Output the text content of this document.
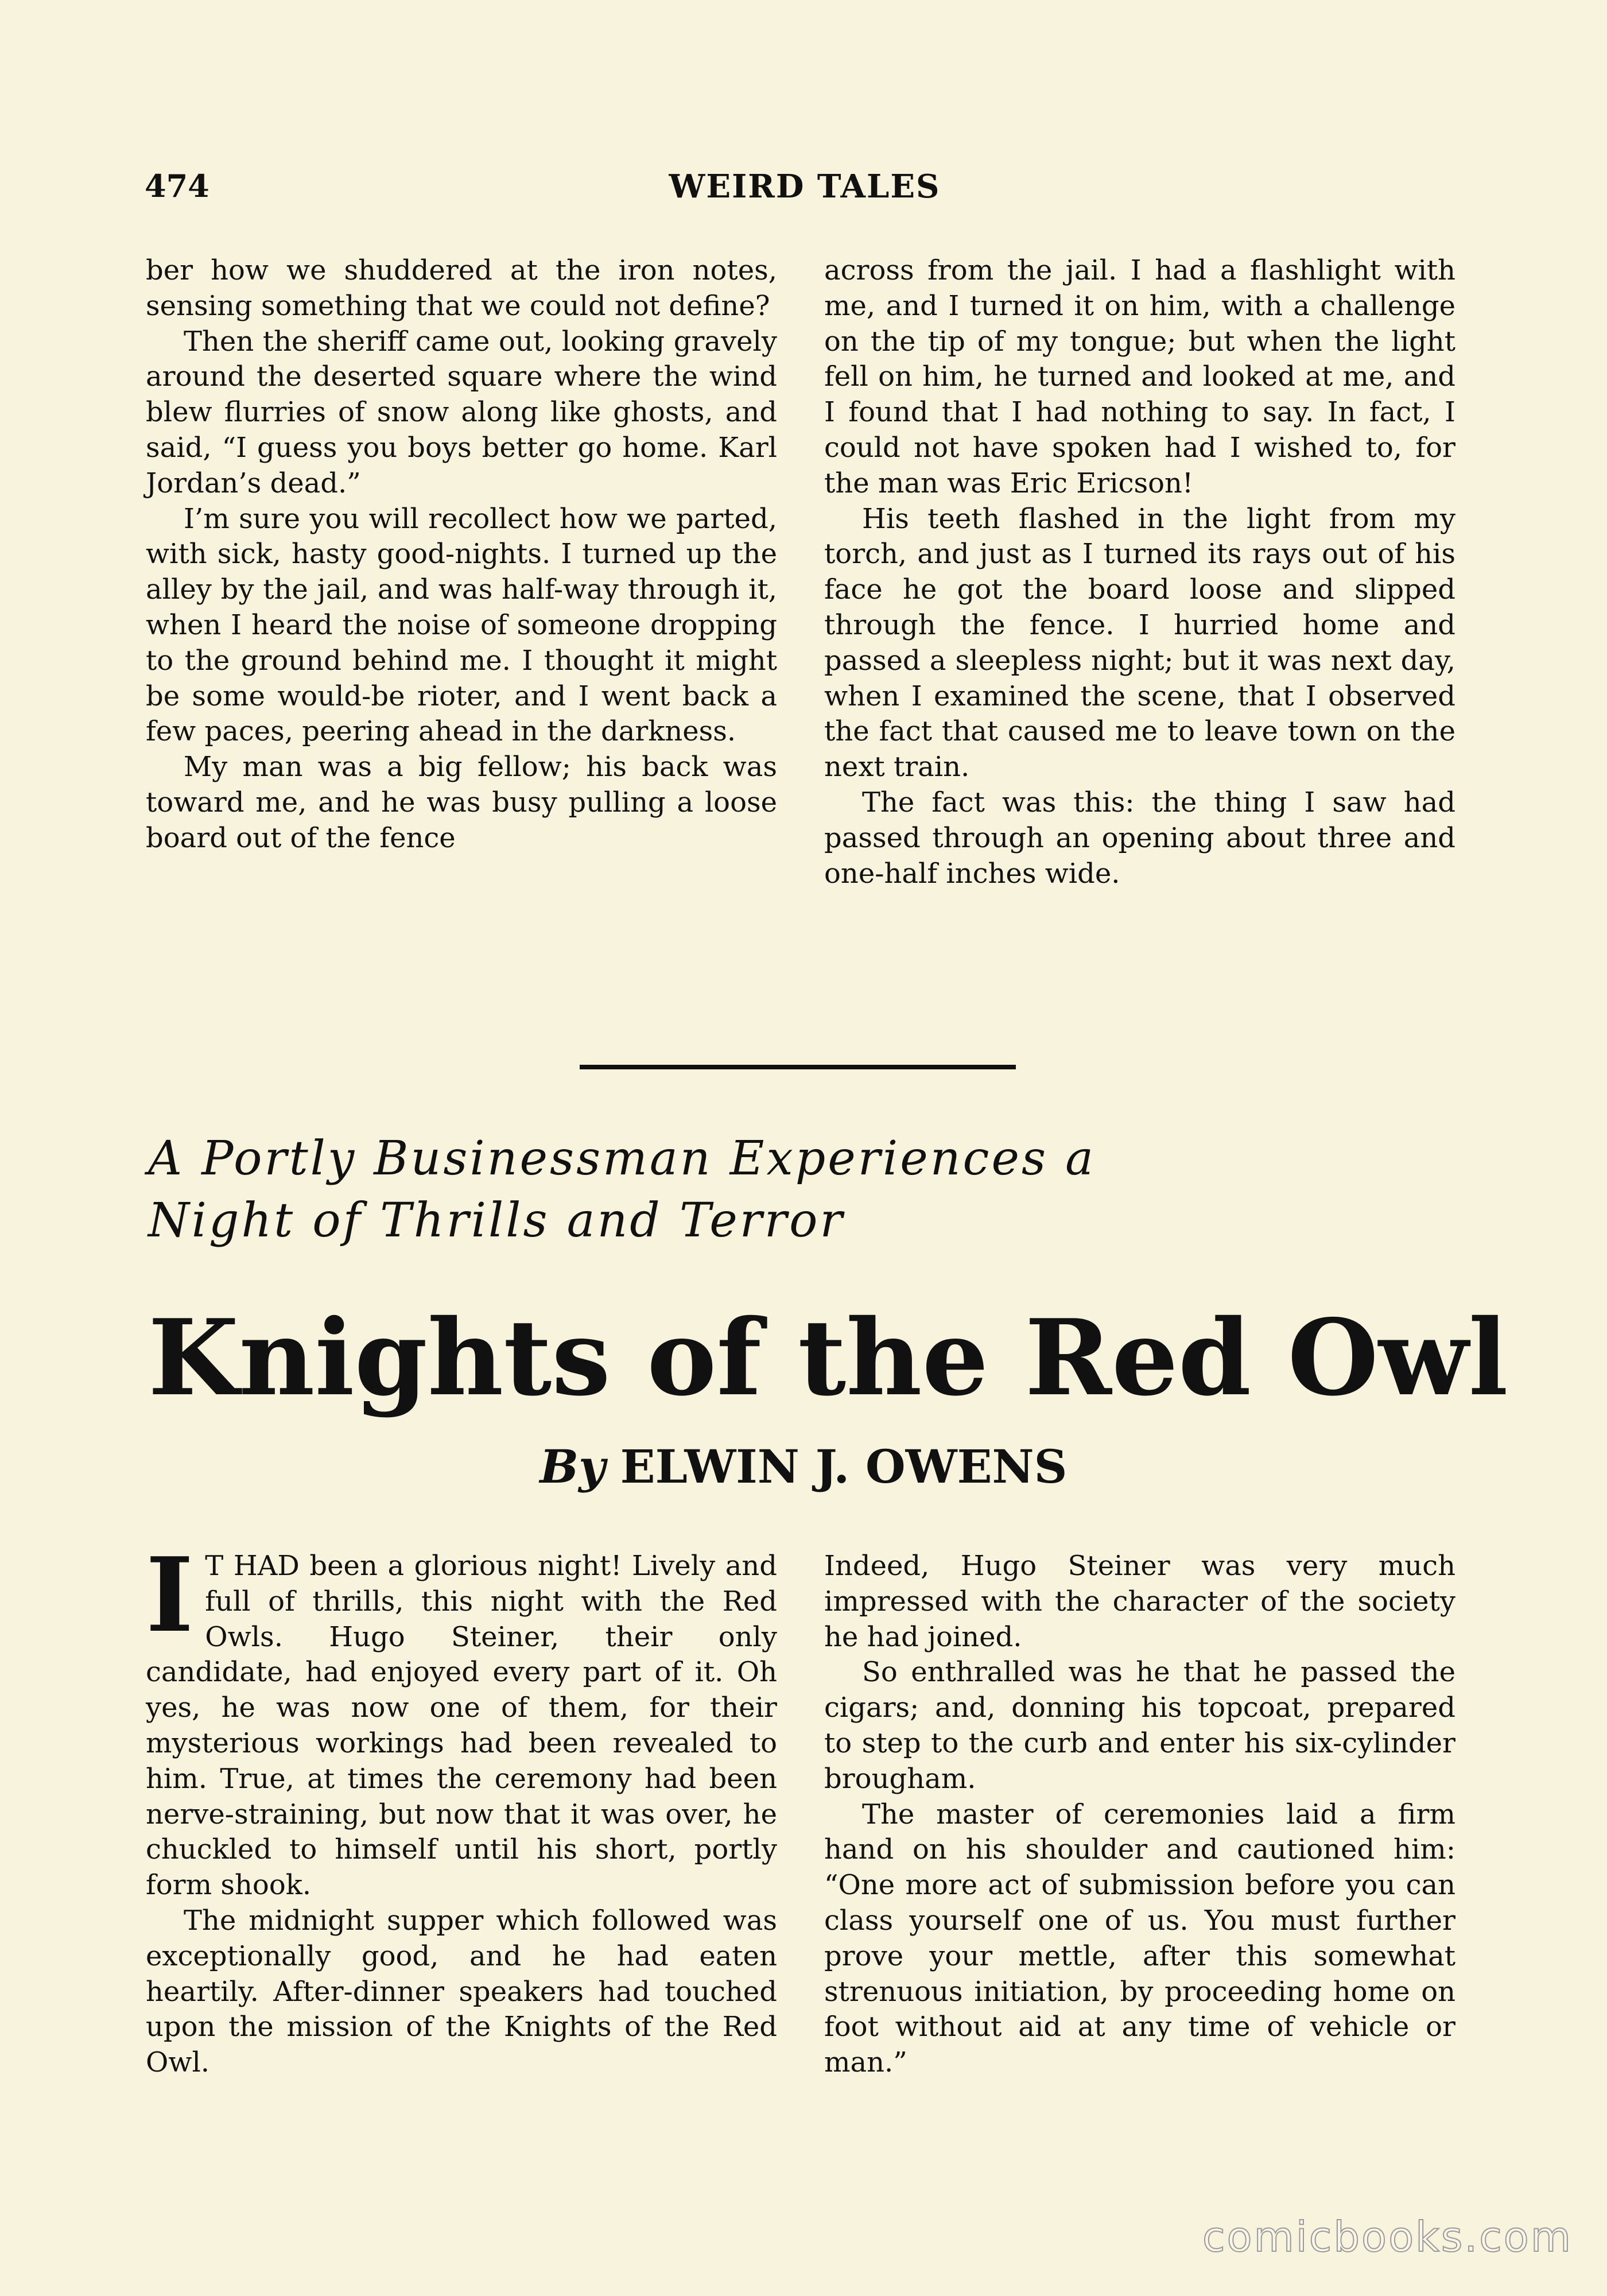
474	WEIRD TALES

ber how we shuddered at the iron notes, sensing something that we could not define?

Then the sheriff came out, looking gravely around the deserted square where the wind blew flurries of snow along like ghosts, and said, “I guess you boys better go home. Karl Jordan’s dead.”

I’m sure you will recollect how we parted, with sick, hasty good-nights. I turned up the alley by the jail, and was half-way through it, when I heard the noise of someone dropping to the ground behind me. I thought it might be some would-be rioter, and I went back a few paces, peering ahead in the darkness.

My man was a big fellow; his back was toward me, and he was busy pulling a loose board out of the fence

across from the jail. I had a flashlight with me, and I turned it on him, with a challenge on the tip of my tongue; but when the light fell on him, he turned and looked at me, and I found that I had nothing to say. In fact, I could not have spoken had I wished to, for the man was Eric Ericson!

His teeth flashed in the light from my torch, and just as I turned its rays out of his face he got the board loose and slipped through the fence. I hurried home and passed a sleepless night; but it was next day, when I examined the scene, that I observed the fact that caused me to leave town on the next train.

The fact was this: the thing I saw had passed through an opening about three and one-half inches wide.

A Portly Businessman Experiences a
Night of Thrills and Terror
Knights of the Red Owl
By ELWIN J. OWENS

I T HAD been a glorious night! Lively and full of thrills, this night with the Red Owls. Hugo Steiner, their only candidate, had enjoyed every part of it. Oh yes, he was now one of them, for their mysterious workings had been revealed to him. True, at times the ceremony had been nerve-straining, but now that it was over, he chuckled to himself until his short, portly form shook.

The midnight supper which followed was exceptionally good, and he had eaten heartily. After-dinner speakers had touched upon the mission of the Knights of the Red Owl.

Indeed, Hugo Steiner was very much impressed with the character of the society he had joined.

So enthralled was he that he passed the cigars; and, donning his topcoat, prepared to step to the curb and enter his six-cylinder brougham.

The master of ceremonies laid a firm hand on his shoulder and cautioned him: “One more act of submission before you can class yourself one of us. You must further prove your mettle, after this somewhat strenuous initiation, by proceeding home on foot without aid at any time of vehicle or man.”

comicbooks.com
